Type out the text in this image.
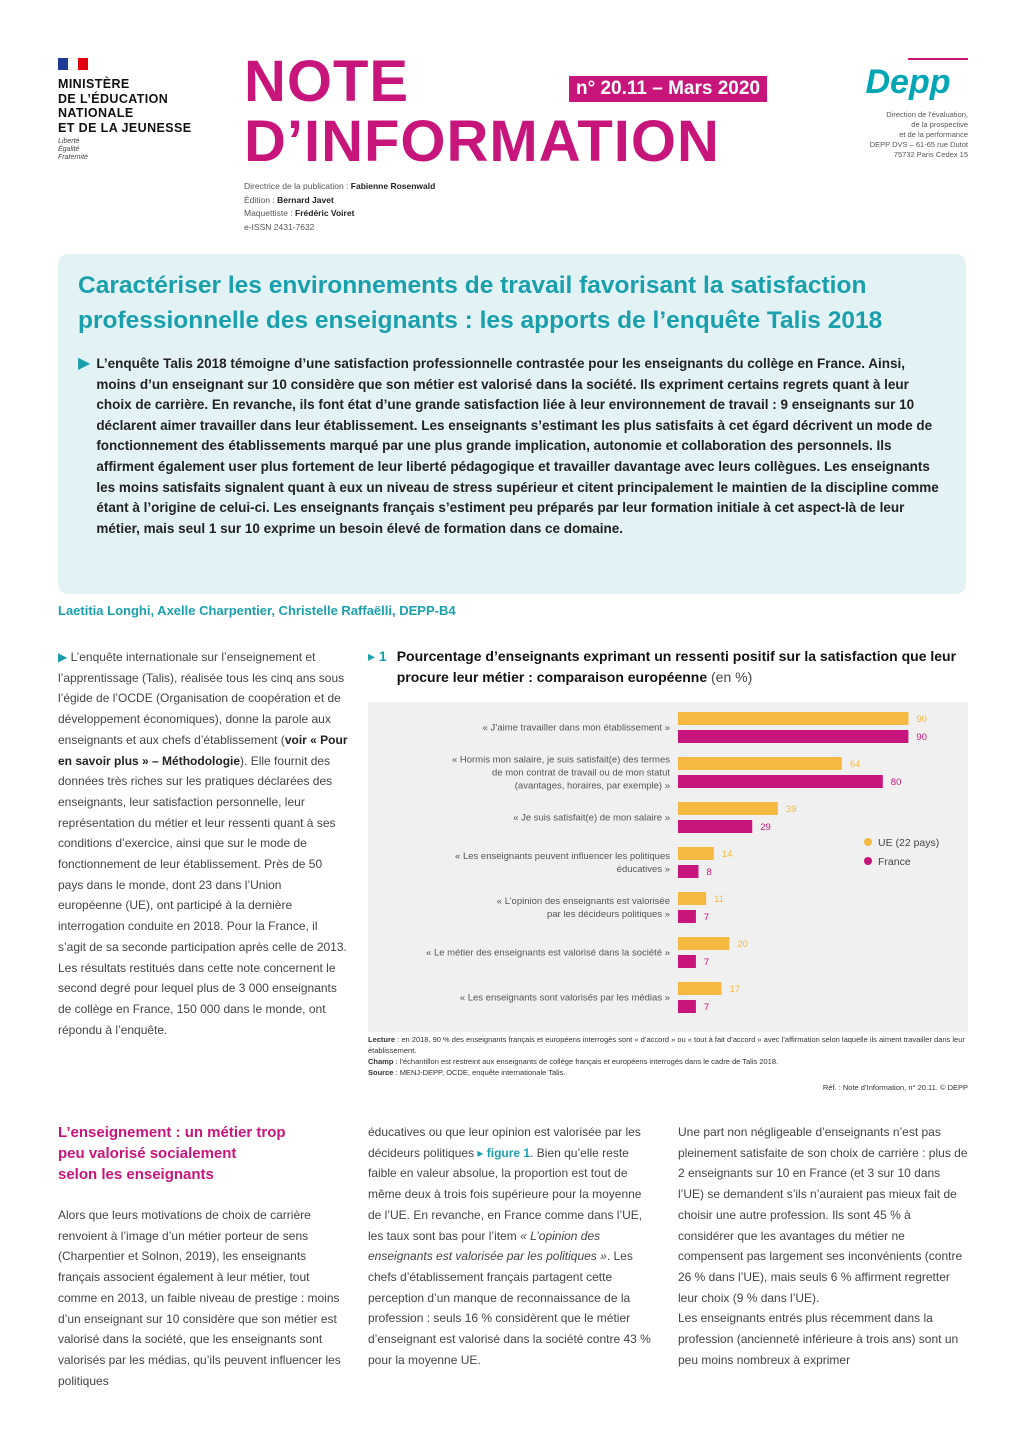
MINISTÈRE
DE L’ÉDUCATION
NATIONALE
ET DE LA JEUNESSE
Liberté
Égalité
Fraternité
NOTE
D’INFORMATION
n° 20.11 – Mars 2020	Depp
Direction de l’évaluation,
de la prospective
et de la performance
DEPP DVS – 61-65 rue Dutot
75732 Paris Cedex 15
Directrice de la publication : Fabienne Rosenwald
Édition : Bernard Javet
Maquettiste : Frédéric Voiret
e-ISSN 2431-7632
Caractériser les environnements de travail favorisant la satisfaction professionnelle des enseignants : les apports de l’enquête Talis 2018
▶ L’enquête Talis 2018 témoigne d’une satisfaction professionnelle contrastée pour les enseignants du collège en France. Ainsi, moins d’un enseignant sur 10 considère que son métier est valorisé dans la société. Ils expriment certains regrets quant à leur choix de carrière. En revanche, ils font état d’une grande satisfaction liée à leur environnement de travail : 9 enseignants sur 10 déclarent aimer travailler dans leur établissement. Les enseignants s’estimant les plus satisfaits à cet égard décrivent un mode de fonctionnement des établissements marqué par une plus grande implication, autonomie et collaboration des personnels. Ils affirment également user plus fortement de leur liberté pédagogique et travailler davantage avec leurs collègues. Les enseignants les moins satisfaits signalent quant à eux un niveau de stress supérieur et citent principalement le maintien de la discipline comme étant à l’origine de celui-ci. Les enseignants français s’estiment peu préparés par leur formation initiale à cet aspect-là de leur métier, mais seul 1 sur 10 exprime un besoin élevé de formation dans ce domaine.
Laetitia Longhi, Axelle Charpentier, Christelle Raffaëlli, DEPP-B4
▶ L’enquête internationale sur l’enseignement et l’apprentissage (Talis), réalisée tous les cinq ans sous l’égide de l’OCDE (Organisation de coopération et de développement économiques), donne la parole aux enseignants et aux chefs d’établissement (voir « Pour en savoir plus » – Méthodologie). Elle fournit des données très riches sur les pratiques déclarées des enseignants, leur satisfaction personnelle, leur représentation du métier et leur ressenti quant à ses conditions d’exercice, ainsi que sur le mode de fonctionnement de leur établissement. Près de 50 pays dans le monde, dont 23 dans l’Union européenne (UE), ont participé à la dernière interrogation conduite en 2018. Pour la France, il s’agit de sa seconde participation après celle de 2013. Les résultats restitués dans cette note concernent le second degré pour lequel plus de 3 000 enseignants de collège en France, 150 000 dans le monde, ont répondu à l’enquête.
▸ 1 Pourcentage d’enseignants exprimant un ressenti positif sur la satisfaction que leur procure leur métier : comparaison européenne (en %)
« J’aime travailler dans mon établissement »
90
90
« Hormis mon salaire, je suis satisfait(e) des termes
de mon contrat de travail ou de mon statut
(avantages, horaires, par exemple) »
64
80
« Je suis satisfait(e) de mon salaire »
39
29
« Les enseignants peuvent influencer les politiques
éducatives »
14
8
« L’opinion des enseignants est valorisée
par les décideurs politiques »
11
7
« Le métier des enseignants est valorisé dans la société »
20
7
« Les enseignants sont valorisés par les médias »
17
7
UE (22 pays)
France
Lecture : en 2018, 90 % des enseignants français et européens interrogés sont « d’accord » ou « tout à fait d’accord » avec l’affirmation selon laquelle ils aiment travailler dans leur établissement.
Champ : l’échantillon est restreint aux enseignants de collège français et européens interrogés dans le cadre de Talis 2018.
Source : MENJ-DEPP, OCDE, enquête internationale Talis.
Réf. : Note d’Information, n° 20.11. © DEPP
L’enseignement : un métier trop
peu valorisé socialement
selon les enseignants
Alors que leurs motivations de choix de carrière renvoient à l’image d’un métier porteur de sens (Charpentier et Solnon, 2019), les enseignants français associent également à leur métier, tout comme en 2013, un faible niveau de prestige : moins d’un enseignant sur 10 considère que son métier est valorisé dans la société, que les enseignants sont valorisés par les médias, qu’ils peuvent influencer les politiques
éducatives ou que leur opinion est valorisée par les décideurs politiques ▸ figure 1. Bien qu’elle reste faible en valeur absolue, la proportion est tout de même deux à trois fois supérieure pour la moyenne de l’UE. En revanche, en France comme dans l’UE, les taux sont bas pour l’item « L’opinion des enseignants est valorisée par les politiques ». Les chefs d’établissement français partagent cette perception d’un manque de reconnaissance de la profession : seuls 16 % considèrent que le métier d’enseignant est valorisé dans la société contre 43 % pour la moyenne UE.
Une part non négligeable d’enseignants n’est pas pleinement satisfaite de son choix de carrière : plus de 2 enseignants sur 10 en France (et 3 sur 10 dans l’UE) se demandent s’ils n’auraient pas mieux fait de choisir une autre profession. Ils sont 45 % à considérer que les avantages du métier ne compensent pas largement ses inconvénients (contre 26 % dans l’UE), mais seuls 6 % affirment regretter leur choix (9 % dans l’UE).
Les enseignants entrés plus récemment dans la profession (ancienneté inférieure à trois ans) sont un peu moins nombreux à exprimer
